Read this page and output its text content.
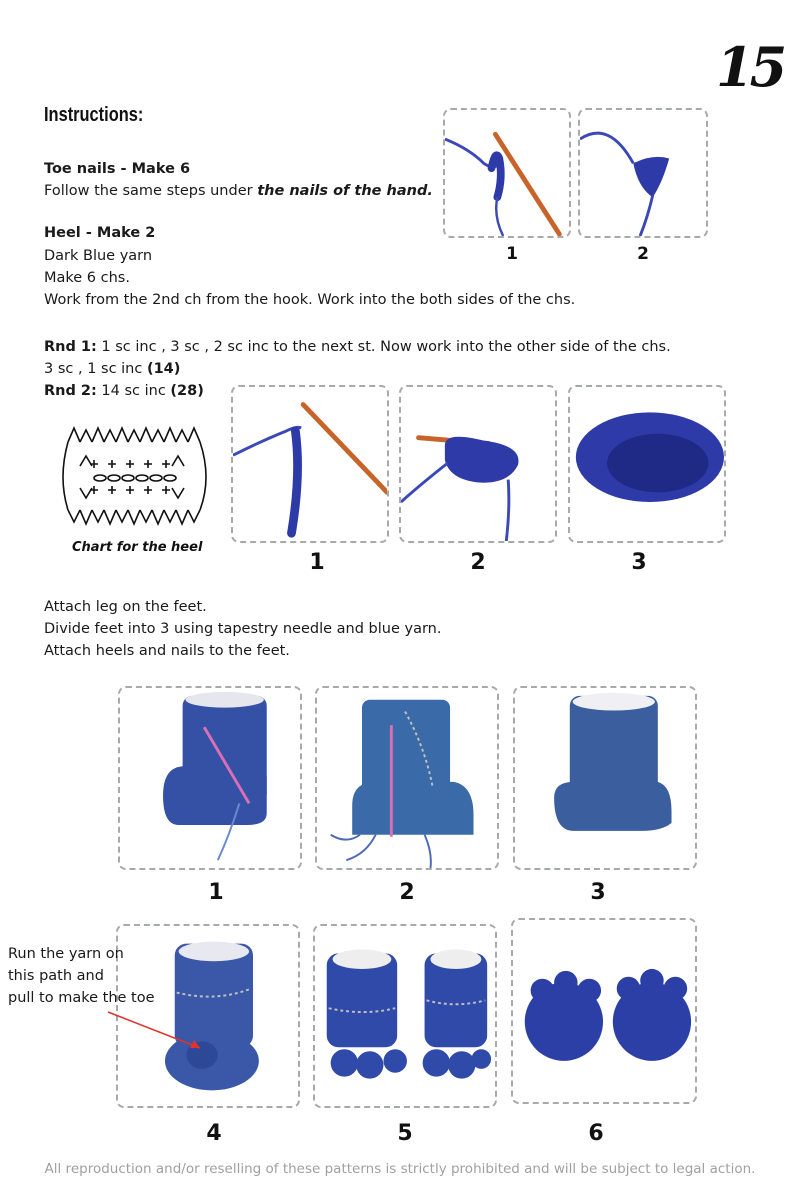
15
Instructions:
Toe nails - Make 6
Follow the same steps under the nails of the hand.
Heel - Make 2
Dark Blue yarn
Make 6 chs.
Work from the 2nd ch from the hook. Work into the both sides of the chs.
Rnd 1: 1 sc inc , 3 sc , 2 sc inc to the next st. Now work into the other side of the chs.
3 sc , 1 sc inc (14)
Rnd 2: 14 sc inc (28)
1	2
Chart for the heel
1	2	3
Attach leg on the feet.
Divide feet into 3 using tapestry needle and blue yarn.
Attach heels and nails to the feet.
1	2	3
Run the yarn on
this path and
pull to make the toe
4	5	6
All reproduction and/or reselling of these patterns is strictly prohibited and will be subject to legal action.
